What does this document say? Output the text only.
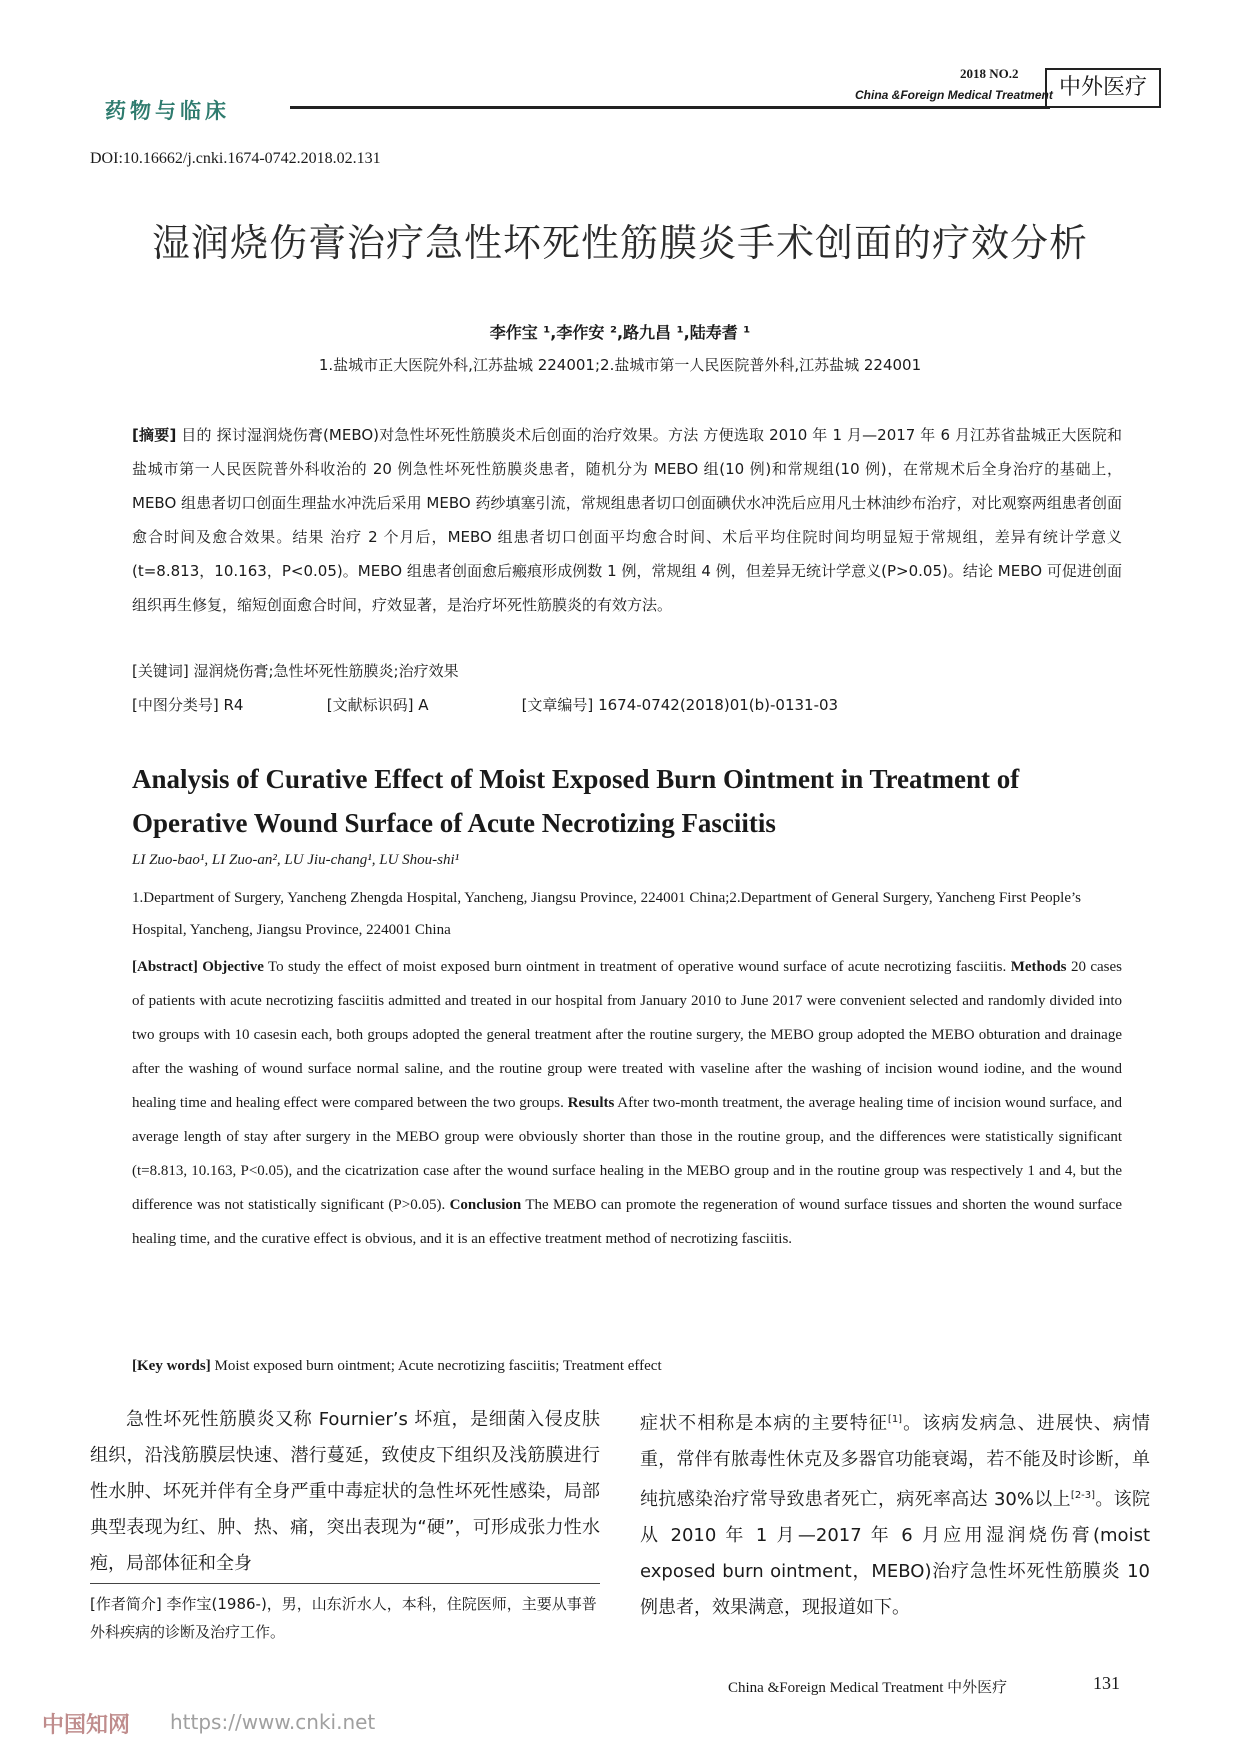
药物与临床
2018 NO.2
China &Foreign Medical Treatment 中外医疗
DOI:10.16662/j.cnki.1674-0742.2018.02.131
湿润烧伤膏治疗急性坏死性筋膜炎手术创面的疗效分析
李作宝 ¹,李作安 ²,路九昌 ¹,陆寿耆 ¹
1.盐城市正大医院外科,江苏盐城 224001;2.盐城市第一人民医院普外科,江苏盐城 224001
[摘要] 目的 探讨湿润烧伤膏(MEBO)对急性坏死性筋膜炎术后创面的治疗效果。方法 方便选取 2010 年 1 月—2017 年 6 月江苏省盐城正大医院和盐城市第一人民医院普外科收治的 20 例急性坏死性筋膜炎患者，随机分为 MEBO 组(10 例)和常规组(10 例)，在常规术后全身治疗的基础上，MEBO 组患者切口创面生理盐水冲洗后采用 MEBO 药纱填塞引流，常规组患者切口创面碘伏水冲洗后应用凡士林油纱布治疗，对比观察两组患者创面愈合时间及愈合效果。结果 治疗 2 个月后，MEBO 组患者切口创面平均愈合时间、术后平均住院时间均明显短于常规组，差异有统计学意义(t=8.813，10.163，P<0.05)。MEBO 组患者创面愈后瘢痕形成例数 1 例，常规组 4 例，但差异无统计学意义(P>0.05)。结论 MEBO 可促进创面组织再生修复，缩短创面愈合时间，疗效显著，是治疗坏死性筋膜炎的有效方法。
[关键词] 湿润烧伤膏;急性坏死性筋膜炎;治疗效果
[中图分类号] R4	[文献标识码] A	[文章编号] 1674-0742(2018)01(b)-0131-03
Analysis of Curative Effect of Moist Exposed Burn Ointment in Treatment of Operative Wound Surface of Acute Necrotizing Fasciitis
LI Zuo-bao¹, LI Zuo-an², LU Jiu-chang¹, LU Shou-shi¹
1.Department of Surgery, Yancheng Zhengda Hospital, Yancheng, Jiangsu Province, 224001 China;2.Department of General Surgery, Yancheng First People’s Hospital, Yancheng, Jiangsu Province, 224001 China
[Abstract] Objective To study the effect of moist exposed burn ointment in treatment of operative wound surface of acute necrotizing fasciitis. Methods 20 cases of patients with acute necrotizing fasciitis admitted and treated in our hospital from January 2010 to June 2017 were convenient selected and randomly divided into two groups with 10 casesin each, both groups adopted the general treatment after the routine surgery, the MEBO group adopted the MEBO obturation and drainage after the washing of wound surface normal saline, and the routine group were treated with vaseline after the washing of incision wound iodine, and the wound healing time and healing effect were compared between the two groups. Results After two-month treatment, the average healing time of incision wound surface, and average length of stay after surgery in the MEBO group were obviously shorter than those in the routine group, and the differences were statistically significant (t=8.813, 10.163, P<0.05), and the cicatrization case after the wound surface healing in the MEBO group and in the routine group was respectively 1 and 4, but the difference was not statistically significant (P>0.05). Conclusion The MEBO can promote the regeneration of wound surface tissues and shorten the wound surface healing time, and the curative effect is obvious, and it is an effective treatment method of necrotizing fasciitis.
[Key words] Moist exposed burn ointment; Acute necrotizing fasciitis; Treatment effect
急性坏死性筋膜炎又称 Fournier’s 坏疽，是细菌入侵皮肤组织，沿浅筋膜层快速、潜行蔓延，致使皮下组织及浅筋膜进行性水肿、坏死并伴有全身严重中毒症状的急性坏死性感染，局部典型表现为红、肿、热、痛，突出表现为“硬”，可形成张力性水疱，局部体征和全身
[作者简介] 李作宝(1986-)，男，山东沂水人，本科，住院医师，主要从事普外科疾病的诊断及治疗工作。
症状不相称是本病的主要特征[1]。该病发病急、进展快、病情重，常伴有脓毒性休克及多器官功能衰竭，若不能及时诊断，单纯抗感染治疗常导致患者死亡，病死率高达 30%以上[2-3]。该院从 2010 年 1 月—2017 年 6 月应用湿润烧伤膏(moist exposed burn ointment，MEBO)治疗急性坏死性筋膜炎 10 例患者，效果满意，现报道如下。
China &Foreign Medical Treatment 中外医疗	131
中国知网 https://www.cnki.net
